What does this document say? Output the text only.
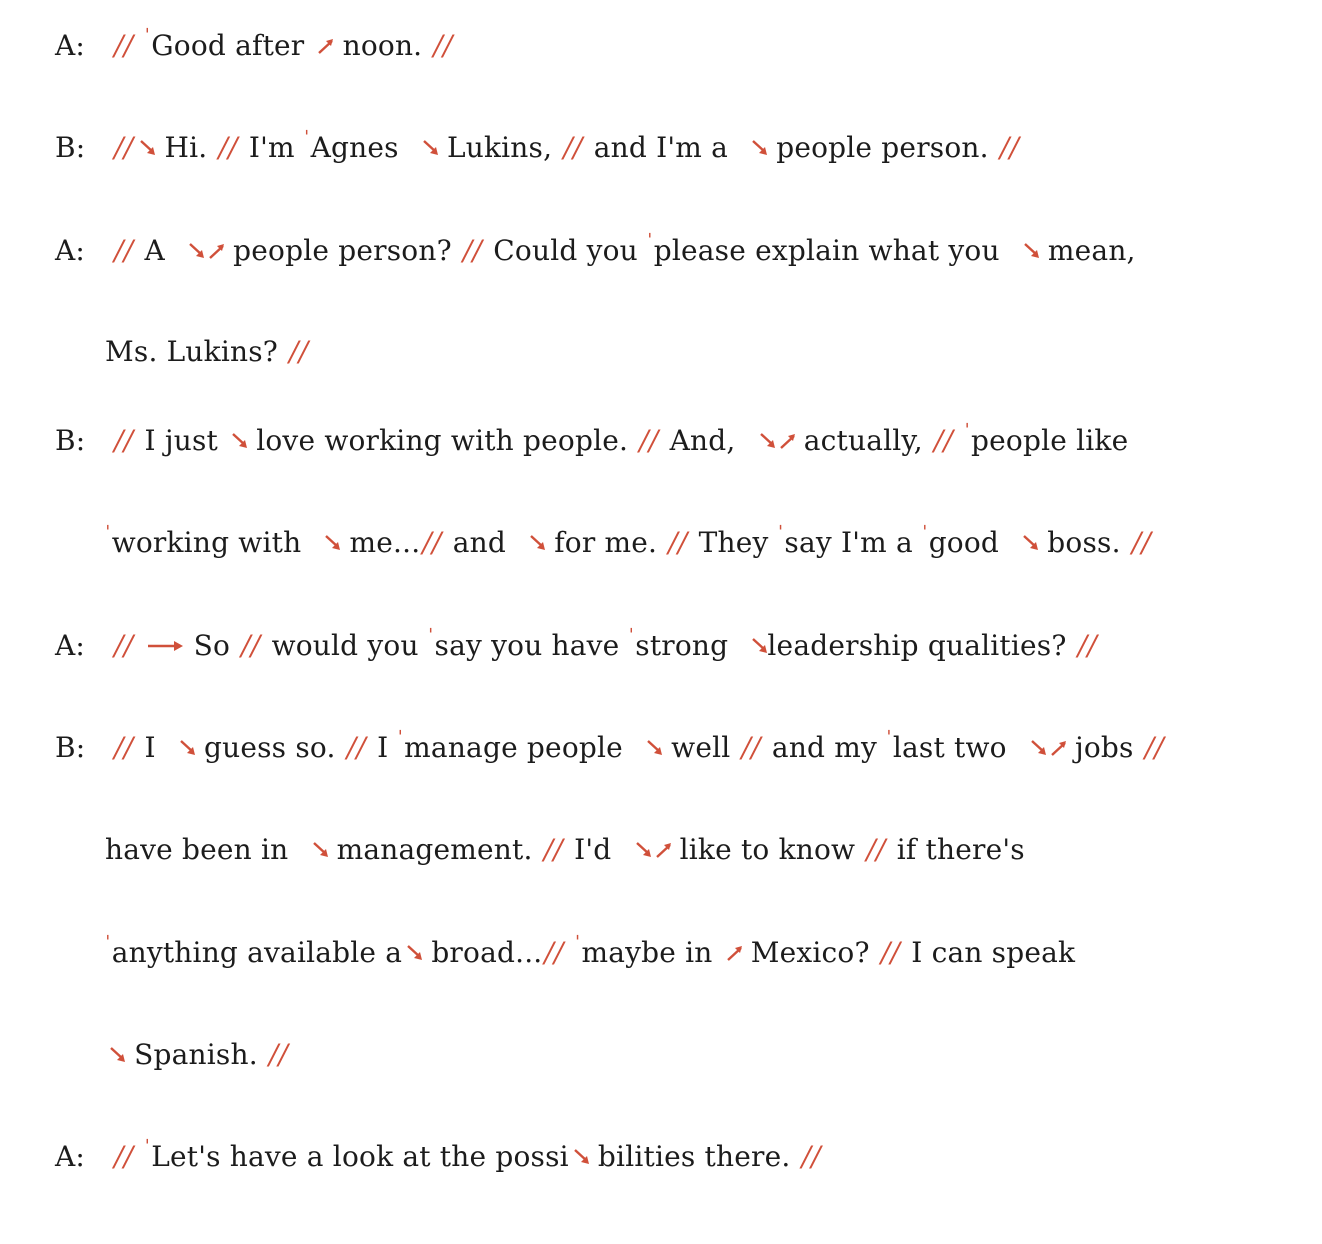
A: // $^ˈ$Good after noon. //
B: // Hi. // I'm $^ˈ$Agnes Lukins, // and I'm a people person. //
A: // A people person? // Could you $^ˈ$please explain what you mean,
Ms. Lukins? //
B: // I just love working with people. // And, actually, // $^ˈ$people like
$^ˈ$working with me...// and for me. // They $^ˈ$say I'm a $^ˈ$good boss. //
A: // So // would you $^ˈ$say you have $^ˈ$strong leadership qualities? //
B: // I guess so. // I $^ˈ$manage people well // and my $^ˈ$last two jobs //
have been in management. // I'd like to know // if there's
$^ˈ$anything available a broad...// $^ˈ$maybe in Mexico? // I can speak
Spanish. //
A: // $^ˈ$Let's have a look at the possi bilities there. //
